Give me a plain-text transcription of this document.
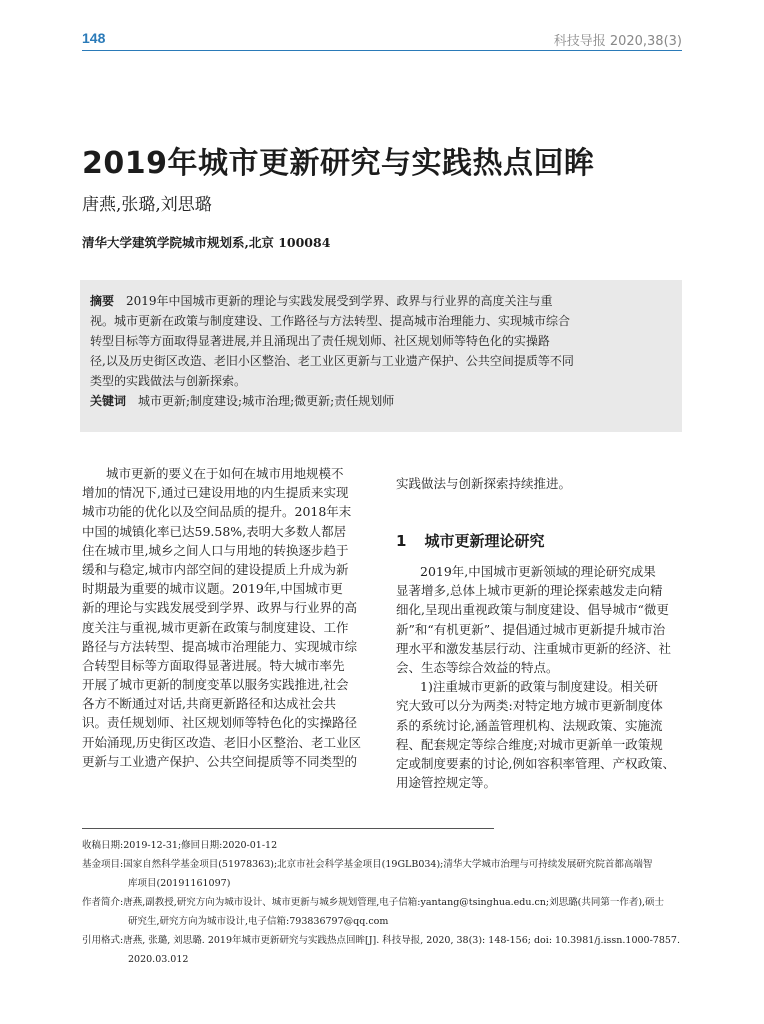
148	科技导报 2020,38(3)
2019年城市更新研究与实践热点回眸
唐燕,张璐,刘思璐
清华大学建筑学院城市规划系,北京 100084
摘要 2019年中国城市更新的理论与实践发展受到学界、政界与行业界的高度关注与重
视。城市更新在政策与制度建设、工作路径与方法转型、提高城市治理能力、实现城市综合
转型目标等方面取得显著进展,并且涌现出了责任规划师、社区规划师等特色化的实操路
径,以及历史街区改造、老旧小区整治、老工业区更新与工业遗产保护、公共空间提质等不同
类型的实践做法与创新探索。
关键词 城市更新;制度建设;城市治理;微更新;责任规划师
城市更新的要义在于如何在城市用地规模不
增加的情况下,通过已建设用地的内生提质来实现
城市功能的优化以及空间品质的提升。2018年末
中国的城镇化率已达59.58%,表明大多数人都居
住在城市里,城乡之间人口与用地的转换逐步趋于
缓和与稳定,城市内部空间的建设提质上升成为新
时期最为重要的城市议题。2019年,中国城市更
新的理论与实践发展受到学界、政界与行业界的高
度关注与重视,城市更新在政策与制度建设、工作
路径与方法转型、提高城市治理能力、实现城市综
合转型目标等方面取得显著进展。特大城市率先
开展了城市更新的制度变革以服务实践推进,社会
各方不断通过对话,共商更新路径和达成社会共
识。责任规划师、社区规划师等特色化的实操路径
开始涌现,历史街区改造、老旧小区整治、老工业区
更新与工业遗产保护、公共空间提质等不同类型的
实践做法与创新探索持续推进。
1 城市更新理论研究
2019年,中国城市更新领域的理论研究成果
显著增多,总体上城市更新的理论探索越发走向精
细化,呈现出重视政策与制度建设、倡导城市“微更
新”和“有机更新”、提倡通过城市更新提升城市治
理水平和激发基层行动、注重城市更新的经济、社
会、生态等综合效益的特点。
1)注重城市更新的政策与制度建设。相关研
究大致可以分为两类:对特定地方城市更新制度体
系的系统讨论,涵盖管理机构、法规政策、实施流
程、配套规定等综合维度;对城市更新单一政策规
定或制度要素的讨论,例如容积率管理、产权政策、
用途管控规定等。
收稿日期:2019-12-31;修回日期:2020-01-12
基金项目:国家自然科学基金项目(51978363);北京市社会科学基金项目(19GLB034);清华大学城市治理与可持续发展研究院首都高端智
库项目(20191161097)
作者简介:唐燕,副教授,研究方向为城市设计、城市更新与城乡规划管理,电子信箱:yantang@tsinghua.edu.cn;刘思璐(共同第一作者),硕士
研究生,研究方向为城市设计,电子信箱:793836797@qq.com
引用格式:唐燕, 张璐, 刘思璐. 2019年城市更新研究与实践热点回眸[J]. 科技导报, 2020, 38(3): 148-156; doi: 10.3981/j.issn.1000-7857.
2020.03.012
